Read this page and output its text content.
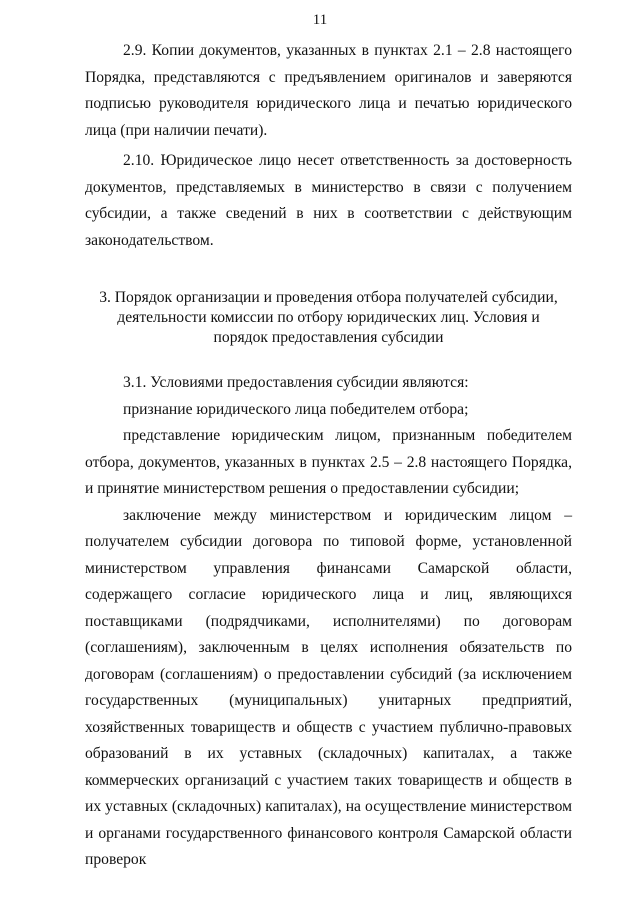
11

2.9. Копии документов, указанных в пунктах 2.1 – 2.8 настоящего Порядка, представляются с предъявлением оригиналов и заверяются подписью руководителя юридического лица и печатью юридического лица (при наличии печати).

2.10. Юридическое лицо несет ответственность за достоверность документов, представляемых в министерство в связи с получением субсидии, а также сведений в них в соответствии с действующим законодательством.

3. Порядок организации и проведения отбора получателей субсидии, деятельности комиссии по отбору юридических лиц. Условия и порядок предоставления субсидии

3.1. Условиями предоставления субсидии являются:

признание юридического лица победителем отбора;

представление юридическим лицом, признанным победителем отбора, документов, указанных в пунктах 2.5 – 2.8 настоящего Порядка, и принятие министерством решения о предоставлении субсидии;

заключение между министерством и юридическим лицом – получателем субсидии договора по типовой форме, установленной министерством управления финансами Самарской области, содержащего согласие юридического лица и лиц, являющихся поставщиками (подрядчиками, исполнителями) по договорам (соглашениям), заключенным в целях исполнения обязательств по договорам (соглашениям) о предоставлении субсидий (за исключением государственных (муниципальных) унитарных предприятий, хозяйственных товариществ и обществ с участием публично-правовых образований в их уставных (складочных) капиталах, а также коммерческих организаций с участием таких товариществ и обществ в их уставных (складочных) капиталах), на осуществление министерством и органами государственного финансового контроля Самарской области проверок
